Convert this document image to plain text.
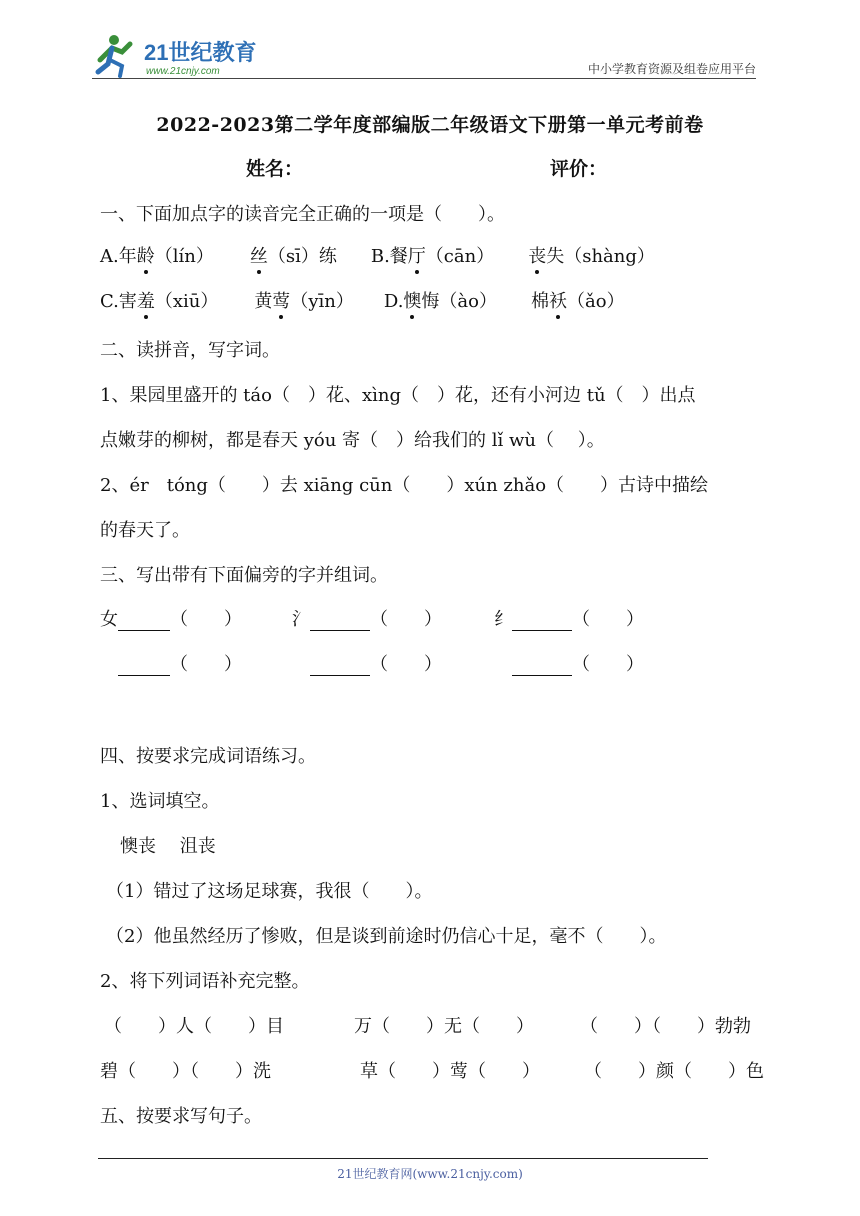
21世纪教育
www.21cnjy.com	中小学教育资源及组卷应用平台
2022-2023第二学年度部编版二年级语文下册第一单元考前卷
姓名：	评价：
一、下面加点字的读音完全正确的一项是（　　）。
A.年龄（lín） 丝（sī）练 B.餐厅（cān） 丧失（shàng）
C.害羞（xiū） 黄莺（yīn） D.懊悔（ào） 棉袄（ǎo）
二、读拼音，写字词。
1、果园里盛开的 táo（　）花、xìng（　）花，还有小河边 tǔ（　）出点
点嫩芽的柳树，都是春天 yóu 寄（　）给我们的 lǐ wù（　 ）。
2、ér　tóng（　　）去 xiāng cūn（　　）xún zhǎo（　　）古诗中描绘
的春天了。
三、写出带有下面偏旁的字并组词。
女	（　　）	氵	（　　）	纟	（　　）
（　　）	（　　）	（　　）
四、按要求完成词语练习。
1、选词填空。
懊丧　 沮丧
（1）错过了这场足球赛，我很（　　）。
（2）他虽然经历了惨败，但是谈到前途时仍信心十足，毫不（　　）。
2、将下列词语补充完整。
（　　）人（　　）目	万（　　）无（　　）	（　　）（　　）勃勃
碧（　　）（　　）洗	草（　　）莺（　　） （　　）颜（　　）色
五、按要求写句子。
21世纪教育网(www.21cnjy.com)
